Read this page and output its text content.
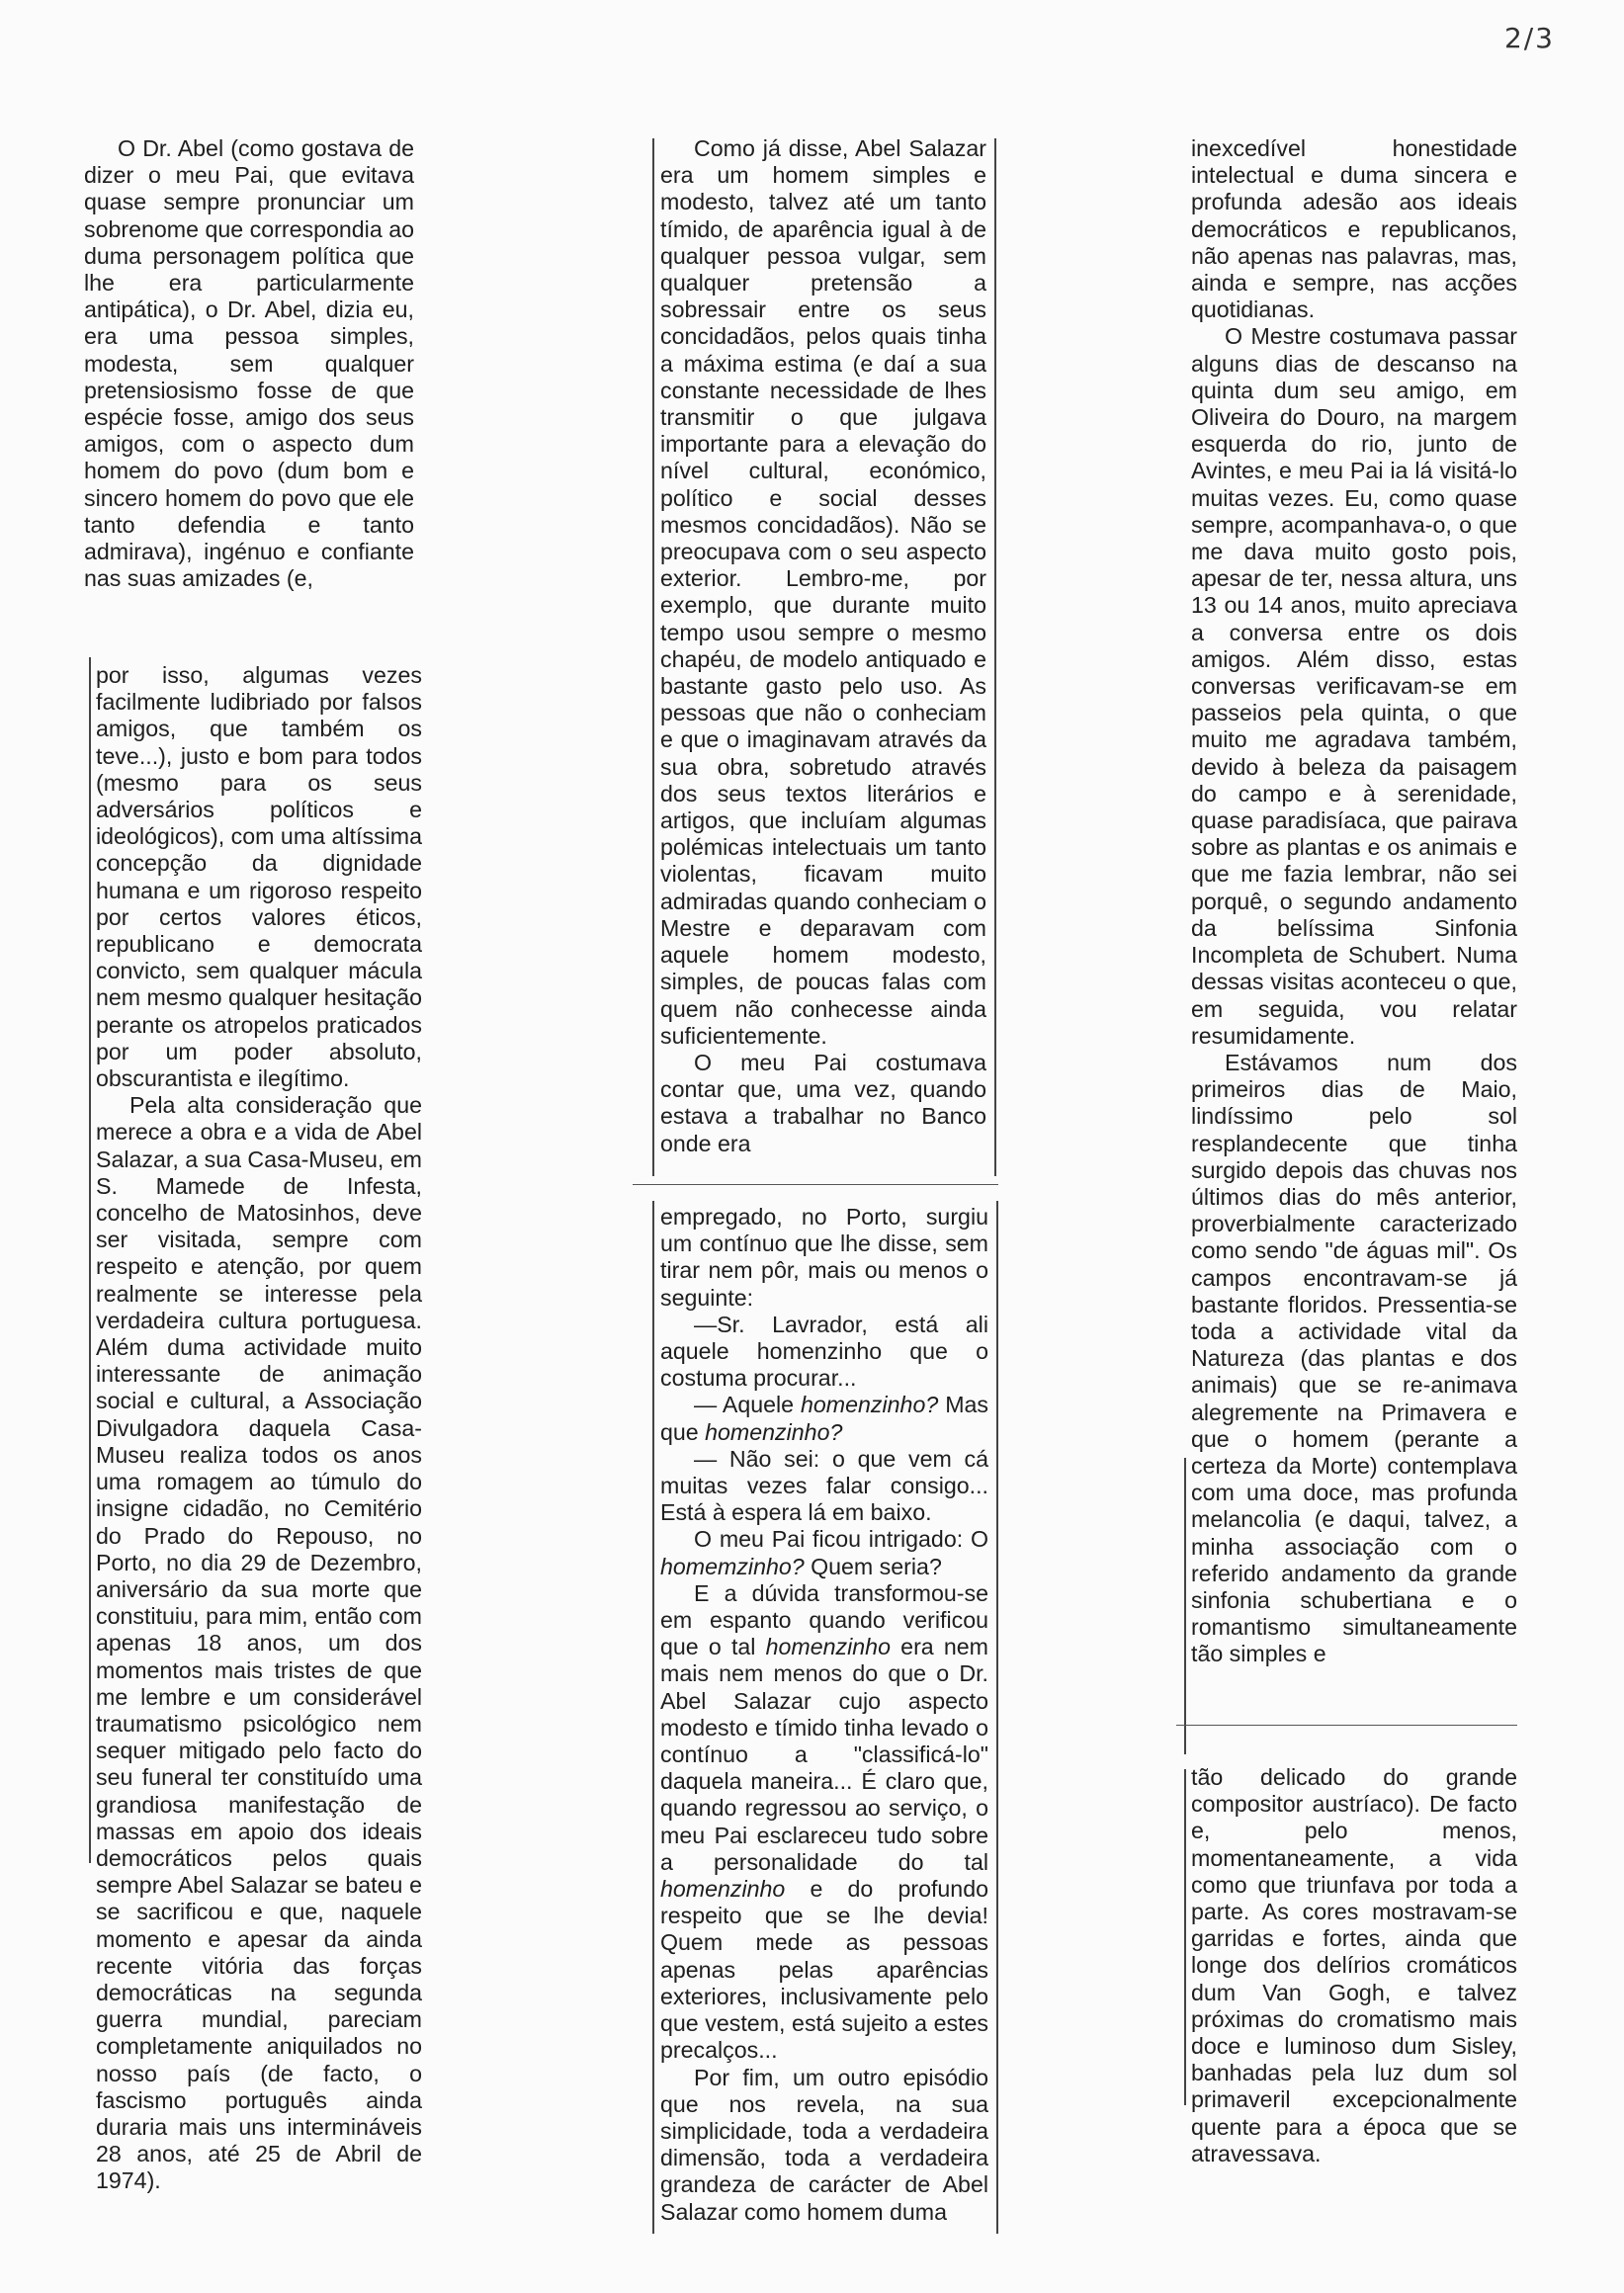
2/3

O Dr. Abel (como gostava de dizer o meu Pai, que evitava quase sempre pronunciar um sobrenome que correspondia ao duma personagem política que lhe era particularmente antipática), o Dr. Abel, dizia eu, era uma pessoa simples, modesta, sem qualquer pretensiosismo fosse de que espécie fosse, amigo dos seus amigos, com o aspecto dum homem do povo (dum bom e sincero homem do povo que ele tanto defendia e tanto admirava), ingénuo e confiante nas suas amizades (e,

por isso, algumas vezes facilmente ludibriado por falsos amigos, que também os teve...), justo e bom para todos (mesmo para os seus adversários políticos e ideológicos), com uma altíssima concepção da dignidade humana e um rigoroso respeito por certos valores éticos, republicano e democrata convicto, sem qualquer mácula nem mesmo qualquer hesitação perante os atropelos praticados por um poder absoluto, obscurantista e ilegítimo.

Pela alta consideração que merece a obra e a vida de Abel Salazar, a sua Casa-Museu, em S. Mamede de Infesta, concelho de Matosinhos, deve ser visitada, sempre com respeito e atenção, por quem realmente se interesse pela verdadeira cultura portuguesa. Além duma actividade muito interessante de animação social e cultural, a Associação Divulgadora daquela Casa-Museu realiza todos os anos uma romagem ao túmulo do insigne cidadão, no Cemitério do Prado do Repouso, no Porto, no dia 29 de Dezembro, aniversário da sua morte que constituiu, para mim, então com apenas 18 anos, um dos momentos mais tristes de que me lembre e um considerável traumatismo psicológico nem sequer mitigado pelo facto do seu funeral ter constituído uma grandiosa manifestação de massas em apoio dos ideais democráticos pelos quais sempre Abel Salazar se bateu e se sacrificou e que, naquele momento e apesar da ainda recente vitória das forças democráticas na segunda guerra mundial, pareciam completamente aniquilados no nosso país (de facto, o fascismo português ainda duraria mais uns intermináveis 28 anos, até 25 de Abril de 1974).

Como já disse, Abel Salazar era um homem simples e modesto, talvez até um tanto tímido, de aparência igual à de qualquer pessoa vulgar, sem qualquer pretensão a sobressair entre os seus concidadãos, pelos quais tinha a máxima estima (e daí a sua constante necessidade de lhes transmitir o que julgava importante para a elevação do nível cultural, económico, político e social desses mesmos concidadãos). Não se preocupava com o seu aspecto exterior. Lembro-me, por exemplo, que durante muito tempo usou sempre o mesmo chapéu, de modelo antiquado e bastante gasto pelo uso. As pessoas que não o conheciam e que o imaginavam através da sua obra, sobretudo através dos seus textos literários e artigos, que incluíam algumas polémicas intelectuais um tanto violentas, ficavam muito admiradas quando conheciam o Mestre e deparavam com aquele homem modesto, simples, de poucas falas com quem não conhecesse ainda suficientemente.

O meu Pai costumava contar que, uma vez, quando estava a trabalhar no Banco onde era

empregado, no Porto, surgiu um contínuo que lhe disse, sem tirar nem pôr, mais ou menos o seguinte:

—Sr. Lavrador, está ali aquele homenzinho que o costuma procurar...

— Aquele homenzinho? Mas que homenzinho?

— Não sei: o que vem cá muitas vezes falar consigo... Está à espera lá em baixo.

O meu Pai ficou intrigado: O homemzinho? Quem seria?

E a dúvida transformou-se em espanto quando verificou que o tal homenzinho era nem mais nem menos do que o Dr. Abel Salazar cujo aspecto modesto e tímido tinha levado o contínuo a "classificá-lo" daquela maneira... É claro que, quando regressou ao serviço, o meu Pai esclareceu tudo sobre a personalidade do tal homenzinho e do profundo respeito que se lhe devia! Quem mede as pessoas apenas pelas aparências exteriores, inclusivamente pelo que vestem, está sujeito a estes precalços...

Por fim, um outro episódio que nos revela, na sua simplicidade, toda a verdadeira dimensão, toda a verdadeira grandeza de carácter de Abel Salazar como homem duma

inexcedível honestidade intelectual e duma sincera e profunda adesão aos ideais democráticos e republicanos, não apenas nas palavras, mas, ainda e sempre, nas acções quotidianas.

O Mestre costumava passar alguns dias de descanso na quinta dum seu amigo, em Oliveira do Douro, na margem esquerda do rio, junto de Avintes, e meu Pai ia lá visitá-lo muitas vezes. Eu, como quase sempre, acompanhava-o, o que me dava muito gosto pois, apesar de ter, nessa altura, uns 13 ou 14 anos, muito apreciava a conversa entre os dois amigos. Além disso, estas conversas verificavam-se em passeios pela quinta, o que muito me agradava também, devido à beleza da paisagem do campo e à serenidade, quase paradisíaca, que pairava sobre as plantas e os animais e que me fazia lembrar, não sei porquê, o segundo andamento da belíssima Sinfonia Incompleta de Schubert. Numa dessas visitas aconteceu o que, em seguida, vou relatar resumidamente.

Estávamos num dos primeiros dias de Maio, lindíssimo pelo sol resplandecente que tinha surgido depois das chuvas nos últimos dias do mês anterior, proverbialmente caracterizado como sendo "de águas mil". Os campos encontravam-se já bastante floridos. Pressentia-se toda a actividade vital da Natureza (das plantas e dos animais) que se re-animava alegremente na Primavera e que o homem (perante a certeza da Morte) contemplava com uma doce, mas profunda melancolia (e daqui, talvez, a minha associação com o referido andamento da grande sinfonia schubertiana e o romantismo simultaneamente tão simples e

tão delicado do grande compositor austríaco). De facto e, pelo menos, momentaneamente, a vida como que triunfava por toda a parte. As cores mostravam-se garridas e fortes, ainda que longe dos delírios cromáticos dum Van Gogh, e talvez próximas do cromatismo mais doce e luminoso dum Sisley, banhadas pela luz dum sol primaveril excepcionalmente quente para a época que se atravessava.
